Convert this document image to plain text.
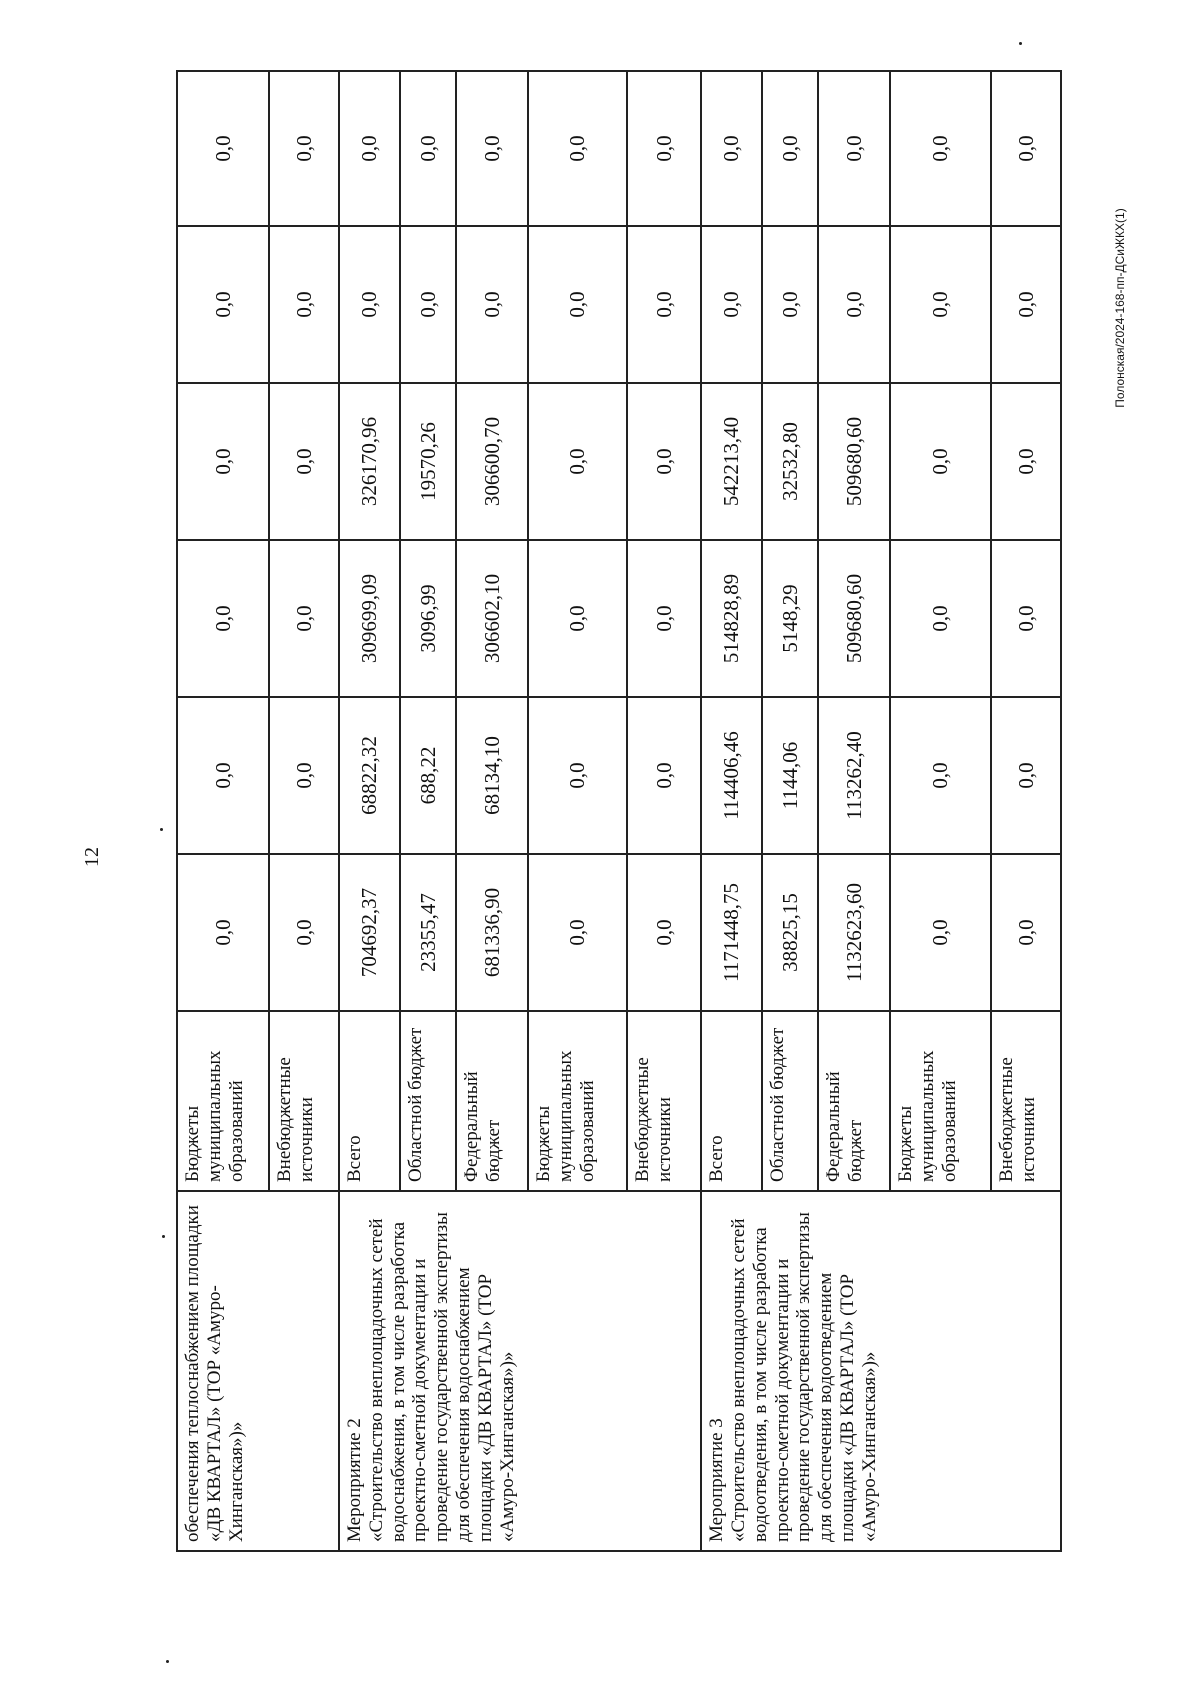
12
Полонская/2024-168-пп-ДСиЖКХ(1)
обеспечения теплоснабжением площадки «ДВ КВАРТАЛ» (ТОР «Амуро-Хинганская»)»	Бюджеты муниципальных образований	0,0	0,0	0,0	0,0	0,0	0,0
	Внебюджетные источники	0,0	0,0	0,0	0,0	0,0	0,0
Мероприятие 2
«Строительство внеплощадочных сетей водоснабжения, в том числе разработка проектно-сметной документации и проведение государственной экспертизы для обеспечения водоснабжением площадки «ДВ КВАРТАЛ» (ТОР «Амуро-Хинганская»)»	Всего	704692,37	68822,32	309699,09	326170,96	0,0	0,0
	Областной бюджет	23355,47	688,22	3096,99	19570,26	0,0	0,0
	Федеральный бюджет	681336,90	68134,10	306602,10	306600,70	0,0	0,0
	Бюджеты муниципальных образований	0,0	0,0	0,0	0,0	0,0	0,0
	Внебюджетные источники	0,0	0,0	0,0	0,0	0,0	0,0
Мероприятие 3
«Строительство внеплощадочных сетей водоотведения, в том числе разработка проектно-сметной документации и проведение государственной экспертизы для обеспечения водоотведением площадки «ДВ КВАРТАЛ» (ТОР «Амуро-Хинганская»)»	Всего	1171448,75	114406,46	514828,89	542213,40	0,0	0,0
	Областной бюджет	38825,15	1144,06	5148,29	32532,80	0,0	0,0
	Федеральный бюджет	1132623,60	113262,40	509680,60	509680,60	0,0	0,0
	Бюджеты муниципальных образований	0,0	0,0	0,0	0,0	0,0	0,0
	Внебюджетные источники	0,0	0,0	0,0	0,0	0,0	0,0
